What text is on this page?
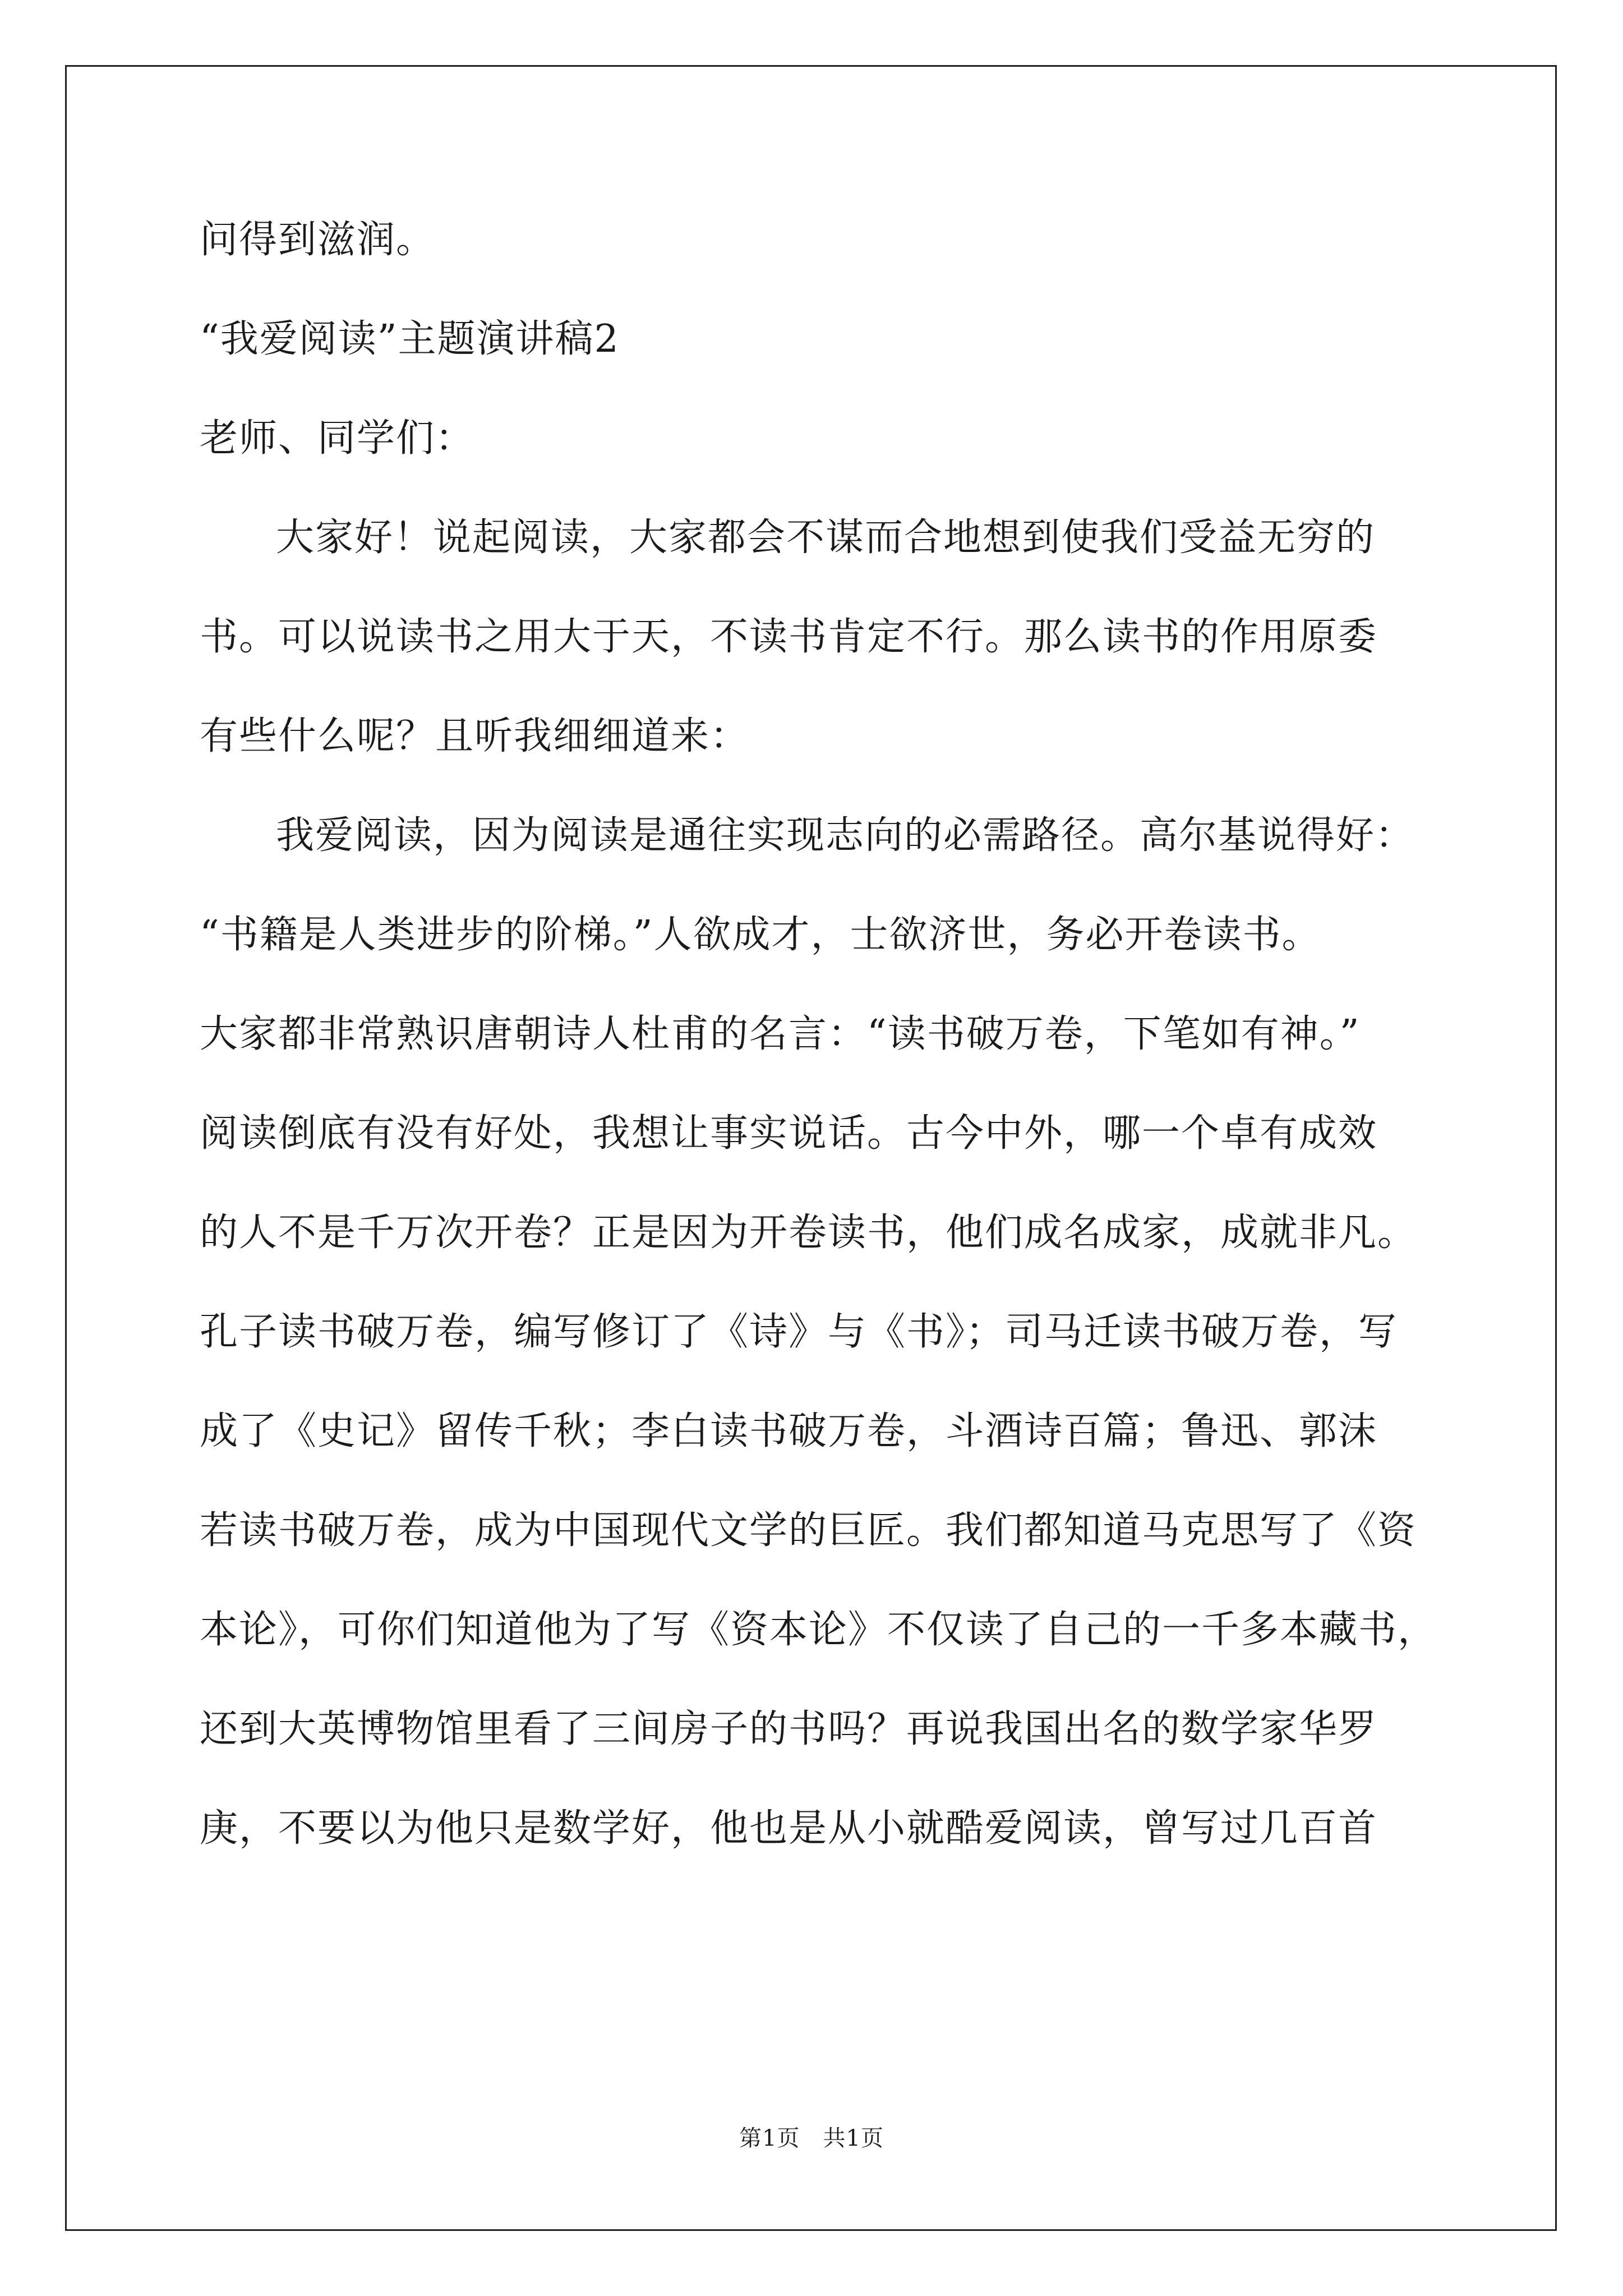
问得到滋润。
“我爱阅读”主题演讲稿2
老师、同学们：
大家好！说起阅读，大家都会不谋而合地想到使我们受益无穷的
书。可以说读书之用大于天，不读书肯定不行。那么读书的作用原委
有些什么呢？且听我细细道来：
我爱阅读，因为阅读是通往实现志向的必需路径。高尔基说得好：
“书籍是人类进步的阶梯。”人欲成才，士欲济世，务必开卷读书。
大家都非常熟识唐朝诗人杜甫的名言：“读书破万卷，下笔如有神。”
阅读倒底有没有好处，我想让事实说话。古今中外，哪一个卓有成效
的人不是千万次开卷？正是因为开卷读书，他们成名成家，成就非凡。
孔子读书破万卷，编写修订了《诗》与《书》；司马迁读书破万卷，写
成了《史记》留传千秋；李白读书破万卷，斗酒诗百篇；鲁迅、郭沫
若读书破万卷，成为中国现代文学的巨匠。我们都知道马克思写了《资
本论》，可你们知道他为了写《资本论》不仅读了自己的一千多本藏书，
还到大英博物馆里看了三间房子的书吗？再说我国出名的数学家华罗
庚，不要以为他只是数学好，他也是从小就酷爱阅读，曾写过几百首
第1页　共1页
